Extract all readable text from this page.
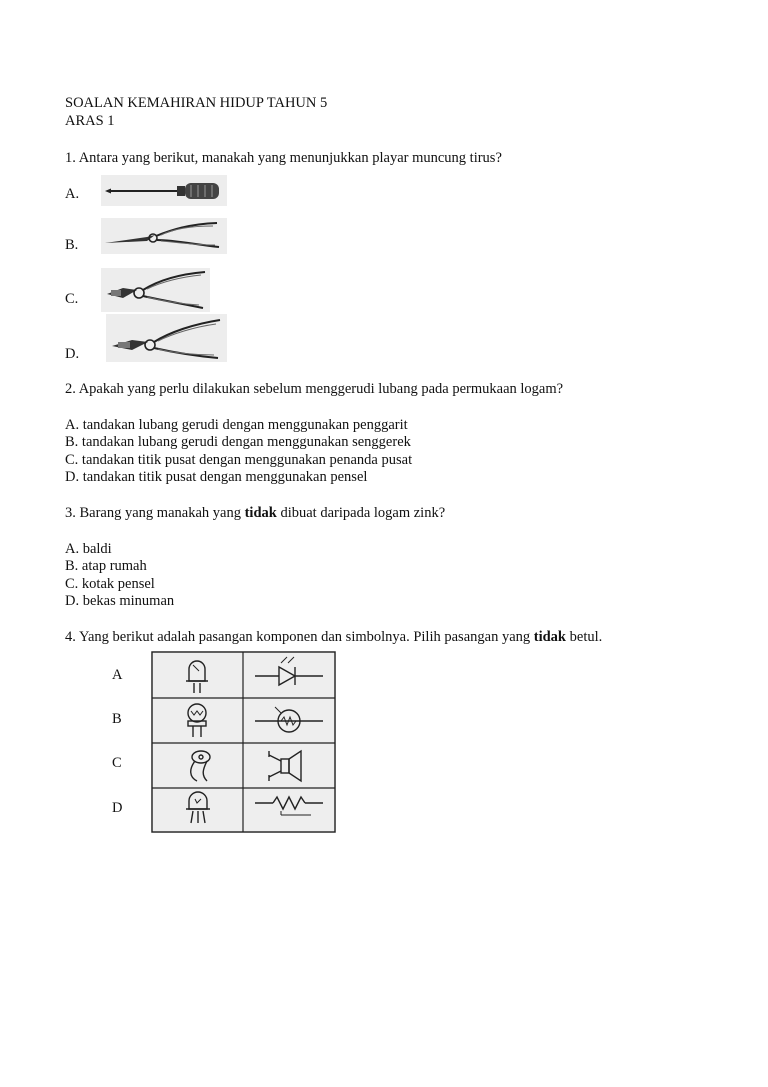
SOALAN KEMAHIRAN HIDUP TAHUN 5
ARAS 1
1. Antara yang berikut, manakah yang menunjukkan playar muncung tirus?
A.
B.
C.
D.
2. Apakah yang perlu dilakukan sebelum menggerudi lubang pada permukaan logam?
A. tandakan lubang gerudi dengan menggunakan penggarit
B. tandakan lubang gerudi dengan menggunakan senggerek
C. tandakan titik pusat dengan menggunakan penanda pusat
D. tandakan titik pusat dengan menggunakan pensel
3. Barang yang manakah yang tidak dibuat daripada logam zink?
A. baldi
B. atap rumah
C. kotak pensel
D. bekas minuman
4. Yang berikut adalah pasangan komponen dan simbolnya. Pilih pasangan yang tidak betul.
A
B
C
D
